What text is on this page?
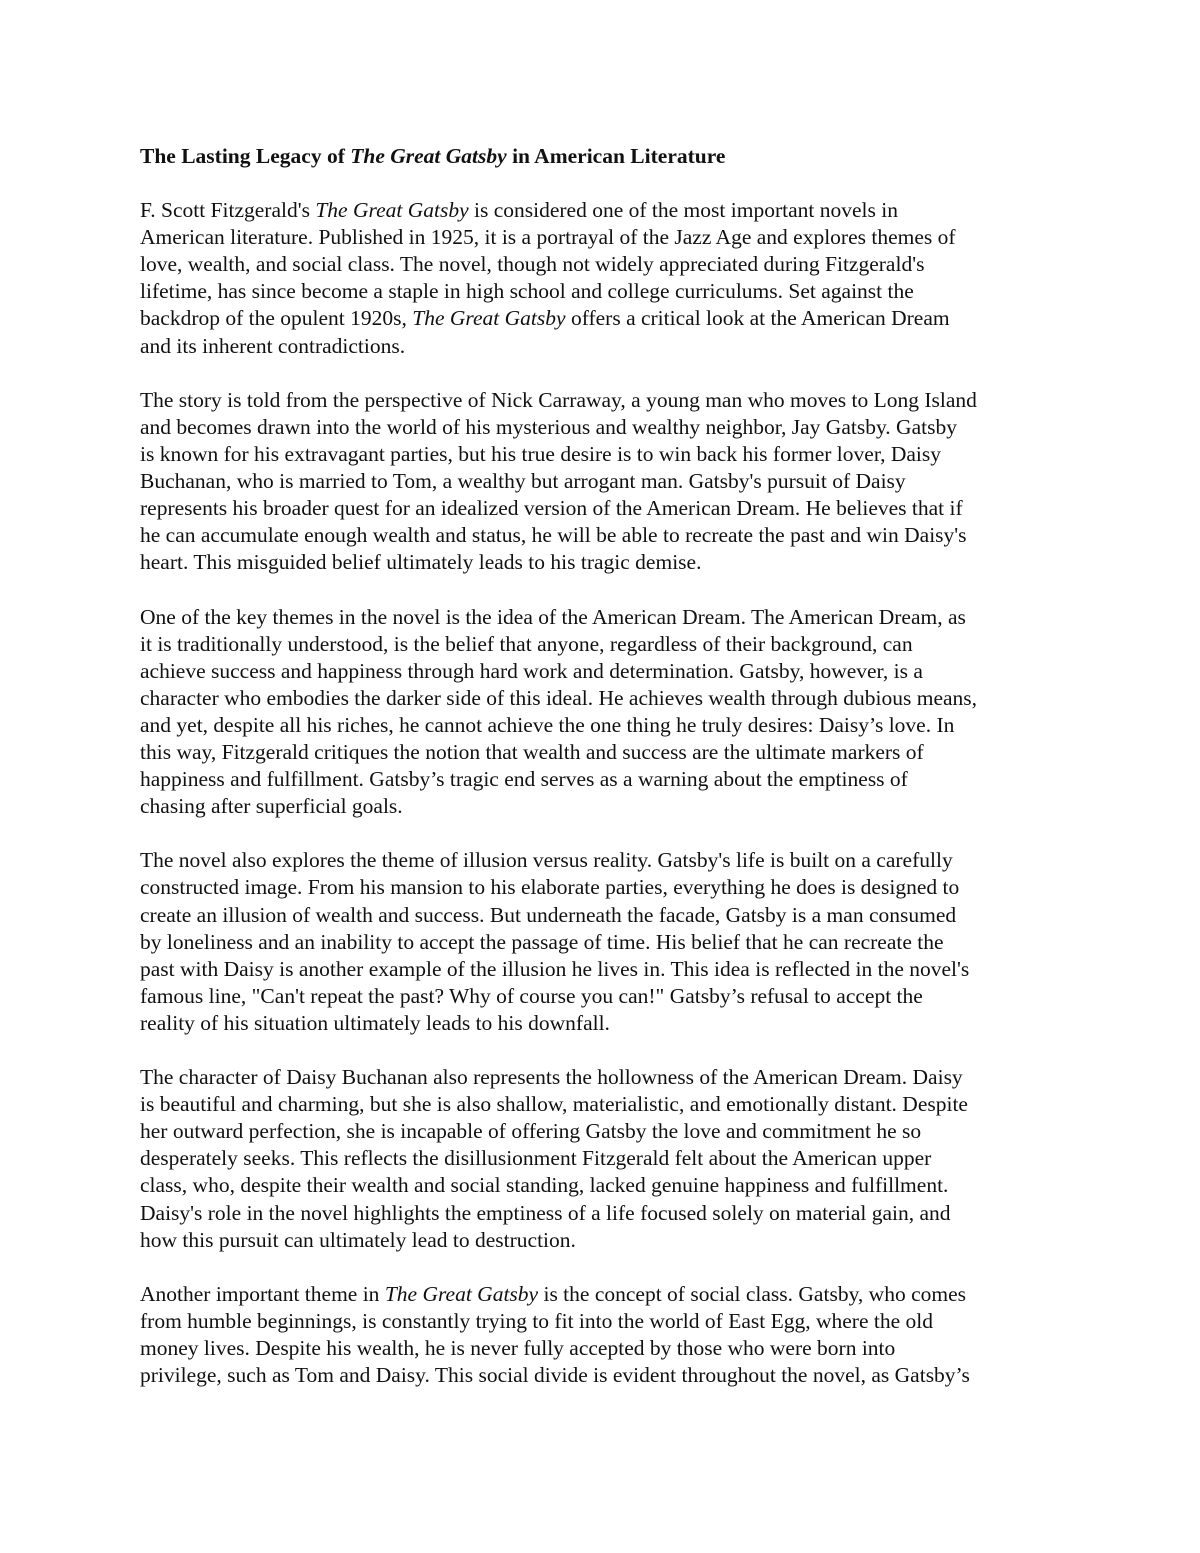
The Lasting Legacy of The Great Gatsby in American Literature

F. Scott Fitzgerald's The Great Gatsby is considered one of the most important novels in
American literature. Published in 1925, it is a portrayal of the Jazz Age and explores themes of
love, wealth, and social class. The novel, though not widely appreciated during Fitzgerald's
lifetime, has since become a staple in high school and college curriculums. Set against the
backdrop of the opulent 1920s, The Great Gatsby offers a critical look at the American Dream
and its inherent contradictions.

The story is told from the perspective of Nick Carraway, a young man who moves to Long Island
and becomes drawn into the world of his mysterious and wealthy neighbor, Jay Gatsby. Gatsby
is known for his extravagant parties, but his true desire is to win back his former lover, Daisy
Buchanan, who is married to Tom, a wealthy but arrogant man. Gatsby's pursuit of Daisy
represents his broader quest for an idealized version of the American Dream. He believes that if
he can accumulate enough wealth and status, he will be able to recreate the past and win Daisy's
heart. This misguided belief ultimately leads to his tragic demise.

One of the key themes in the novel is the idea of the American Dream. The American Dream, as
it is traditionally understood, is the belief that anyone, regardless of their background, can
achieve success and happiness through hard work and determination. Gatsby, however, is a
character who embodies the darker side of this ideal. He achieves wealth through dubious means,
and yet, despite all his riches, he cannot achieve the one thing he truly desires: Daisy’s love. In
this way, Fitzgerald critiques the notion that wealth and success are the ultimate markers of
happiness and fulfillment. Gatsby’s tragic end serves as a warning about the emptiness of
chasing after superficial goals.

The novel also explores the theme of illusion versus reality. Gatsby's life is built on a carefully
constructed image. From his mansion to his elaborate parties, everything he does is designed to
create an illusion of wealth and success. But underneath the facade, Gatsby is a man consumed
by loneliness and an inability to accept the passage of time. His belief that he can recreate the
past with Daisy is another example of the illusion he lives in. This idea is reflected in the novel's
famous line, "Can't repeat the past? Why of course you can!" Gatsby’s refusal to accept the
reality of his situation ultimately leads to his downfall.

The character of Daisy Buchanan also represents the hollowness of the American Dream. Daisy
is beautiful and charming, but she is also shallow, materialistic, and emotionally distant. Despite
her outward perfection, she is incapable of offering Gatsby the love and commitment he so
desperately seeks. This reflects the disillusionment Fitzgerald felt about the American upper
class, who, despite their wealth and social standing, lacked genuine happiness and fulfillment.
Daisy's role in the novel highlights the emptiness of a life focused solely on material gain, and
how this pursuit can ultimately lead to destruction.

Another important theme in The Great Gatsby is the concept of social class. Gatsby, who comes
from humble beginnings, is constantly trying to fit into the world of East Egg, where the old
money lives. Despite his wealth, he is never fully accepted by those who were born into
privilege, such as Tom and Daisy. This social divide is evident throughout the novel, as Gatsby’s
